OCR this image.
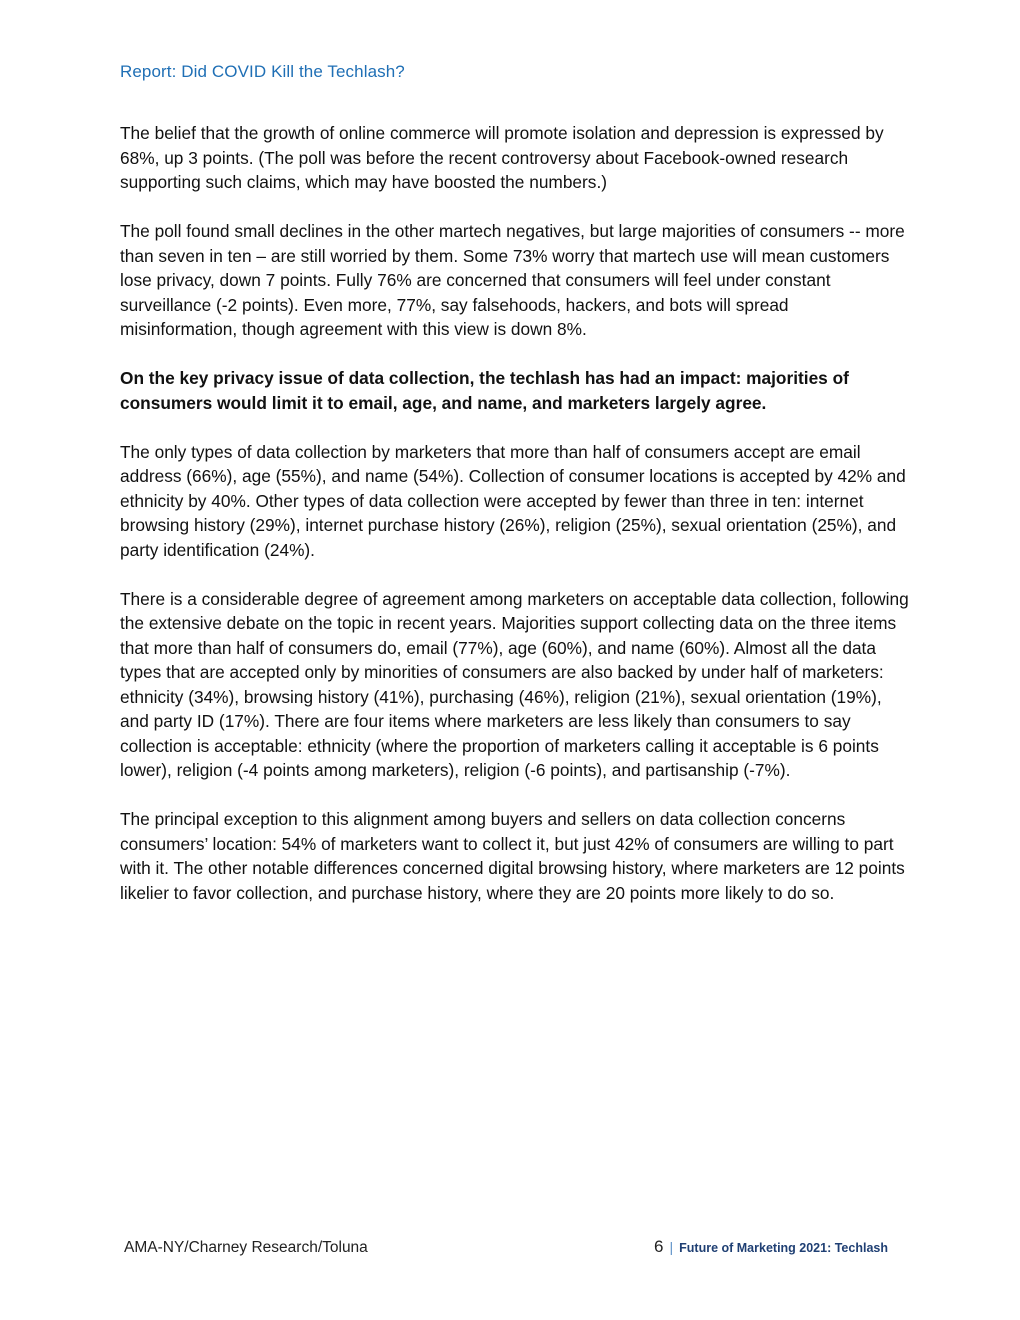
Report: Did COVID Kill the Techlash?

The belief that the growth of online commerce will promote isolation and depression is expressed by 68%, up 3 points. (The poll was before the recent controversy about Facebook-owned research supporting such claims, which may have boosted the numbers.)

The poll found small declines in the other martech negatives, but large majorities of consumers -- more than seven in ten – are still worried by them. Some 73% worry that martech use will mean customers lose privacy, down 7 points. Fully 76% are concerned that consumers will feel under constant surveillance (-2 points). Even more, 77%, say falsehoods, hackers, and bots will spread misinformation, though agreement with this view is down 8%.

On the key privacy issue of data collection, the techlash has had an impact: majorities of consumers would limit it to email, age, and name, and marketers largely agree.

The only types of data collection by marketers that more than half of consumers accept are email address (66%), age (55%), and name (54%). Collection of consumer locations is accepted by 42% and ethnicity by 40%. Other types of data collection were accepted by fewer than three in ten: internet browsing history (29%), internet purchase history (26%), religion (25%), sexual orientation (25%), and party identification (24%).

There is a considerable degree of agreement among marketers on acceptable data collection, following the extensive debate on the topic in recent years. Majorities support collecting data on the three items that more than half of consumers do, email (77%), age (60%), and name (60%). Almost all the data types that are accepted only by minorities of consumers are also backed by under half of marketers: ethnicity (34%), browsing history (41%), purchasing (46%), religion (21%), sexual orientation (19%), and party ID (17%). There are four items where marketers are less likely than consumers to say collection is acceptable: ethnicity (where the proportion of marketers calling it acceptable is 6 points lower), religion (-4 points among marketers), religion (-6 points), and partisanship (-7%).

The principal exception to this alignment among buyers and sellers on data collection concerns consumers’ location: 54% of marketers want to collect it, but just 42% of consumers are willing to part with it. The other notable differences concerned digital browsing history, where marketers are 12 points likelier to favor collection, and purchase history, where they are 20 points more likely to do so.

AMA-NY/Charney Research/Toluna	6 | Future of Marketing 2021: Techlash
